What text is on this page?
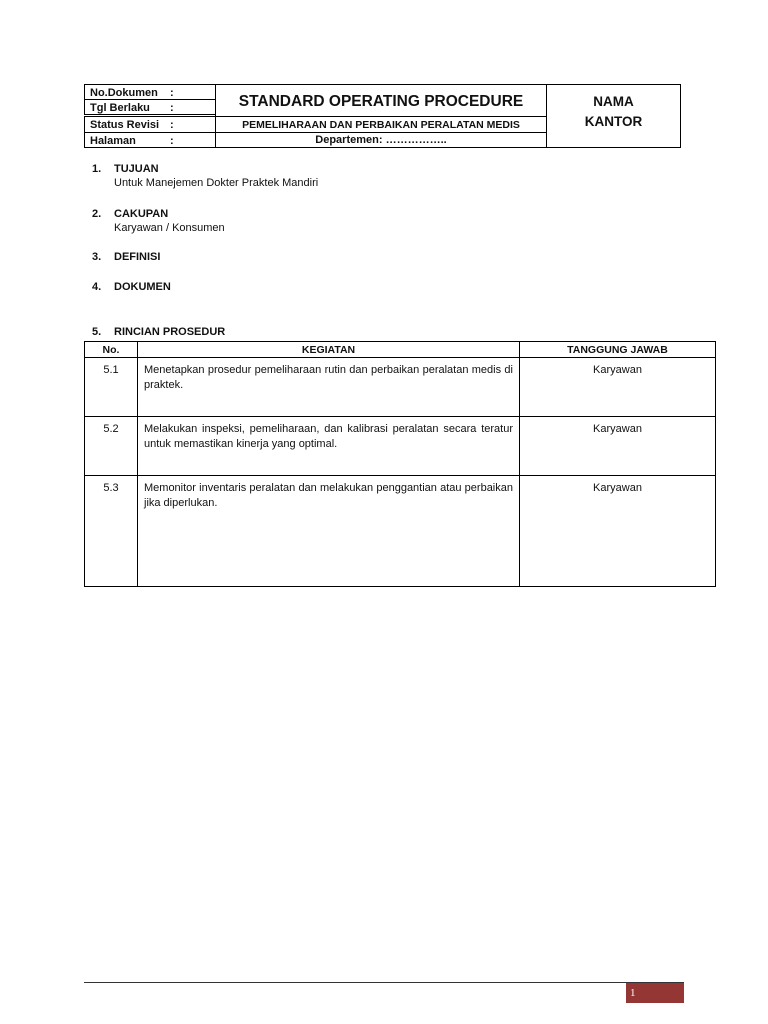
No.Dokumen :
Tgl Berlaku :
Status Revisi :
Halaman	:
STANDARD OPERATING PROCEDURE
PEMELIHARAAN DAN PERBAIKAN PERALATAN MEDIS
Departemen: ……………..
NAMA
KANTOR
1. TUJUAN
Untuk Manejemen Dokter Praktek Mandiri
2. CAKUPAN
Karyawan / Konsumen
3. DEFINISI
4. DOKUMEN
5. RINCIAN PROSEDUR
No.	KEGIATAN	TANGGUNG JAWAB
5.1	Menetapkan prosedur pemeliharaan rutin dan perbaikan peralatan medis di praktek.	Karyawan
5.2	Melakukan inspeksi, pemeliharaan, dan kalibrasi peralatan secara teratur untuk memastikan kinerja yang optimal.	Karyawan
5.3	Memonitor inventaris peralatan dan melakukan penggantian atau perbaikan jika diperlukan.	Karyawan
1
